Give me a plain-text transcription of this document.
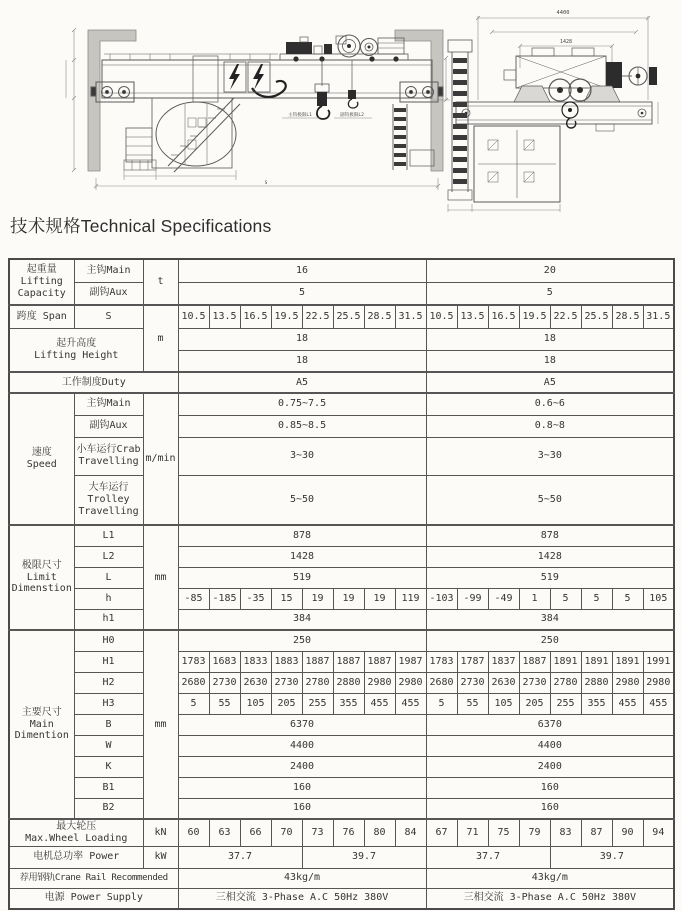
主钩极限L1	副钩极限L2
S
4400
1428
技术规格Technical Specifications
起重量
Lifting
Capacity	主钩Main	t	16								20							
	副钩Aux		5								5							
跨度 Span	S	m	10.5	13.5	16.5	19.5	22.5	25.5	28.5	31.5	10.5	13.5	16.5	19.5	22.5	25.5	28.5	31.5
起升高度
Lifting Height			18								18							
			18								18							
工作制度Duty			A5								A5							
速度
Speed	主钩Main	m/min	0.75~7.5								0.6~6							
	副钩Aux		0.85~8.5								0.8~8							
	小车运行Crab
Travelling		3~30								3~30							
	大车运行
Trolley
Travelling		5~50								5~50							
极限尺寸
Limit
Dimenstion	L1	mm	878								878							
	L2		1428								1428							
	L		519								519							
	h		-85	-185	-35	15	19	19	19	119	-103	-99	-49	1	5	5	5	105
	h1		384								384							
主要尺寸
Main
Dimention	H0	mm	250								250							
	H1		1783	1683	1833	1883	1887	1887	1887	1987	1783	1787	1837	1887	1891	1891	1891	1991
	H2		2680	2730	2630	2730	2780	2880	2980	2980	2680	2730	2630	2730	2780	2880	2980	2980
	H3		5	55	105	205	255	355	455	455	5	55	105	205	255	355	455	455
	B		6370								6370							
	W		4400								4400							
	K		2400								2400							
	B1		160								160							
	B2		160								160							
最大轮压
Max.Wheel Loading		kN	60	63	66	70	73	76	80	84	67	71	75	79	83	87	90	94
电机总功率 Power		kW	37.7				39.7				37.7				39.7			
荐用钢轨Crane Rail Recommended			43kg/m								43kg/m							
电源 Power Supply			三相交流 3-Phase A.C 50Hz 380V								三相交流 3-Phase A.C 50Hz 380V							
